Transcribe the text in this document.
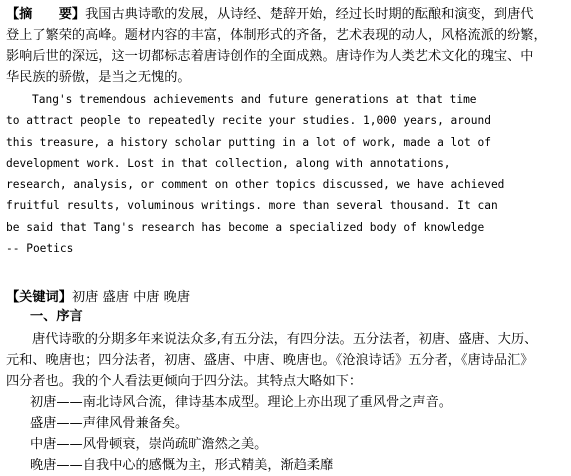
【摘　　要】我国古典诗歌的发展，从诗经、楚辞开始，经过长时期的酝酿和演变，到唐代
登上了繁荣的高峰。题材内容的丰富，体制形式的齐备，艺术表现的动人，风格流派的纷繁，
影响后世的深远，这一切都标志着唐诗创作的全面成熟。唐诗作为人类艺术文化的瑰宝、中
华民族的骄傲，是当之无愧的。
Tang's tremendous achievements and future generations at that time
to attract people to repeatedly recite your studies. 1,000 years, around
this treasure, a history scholar putting in a lot of work, made a lot of
development work. Lost in that collection, along with annotations,
research, analysis, or comment on other topics discussed, we have achieved
fruitful results, voluminous writings. more than several thousand. It can
be said that Tang's research has become a specialized body of knowledge
-- Poetics
【关键词】初唐 盛唐 中唐 晚唐
一、序言
唐代诗歌的分期多年来说法众多,有五分法，有四分法。五分法者，初唐、盛唐、大历、
元和、晚唐也；四分法者，初唐、盛唐、中唐、晚唐也。《沧浪诗话》五分者，《唐诗品汇》
四分者也。我的个人看法更倾向于四分法。其特点大略如下：
初唐——南北诗风合流，律诗基本成型。理论上亦出现了重风骨之声音。
盛唐——声律风骨兼备矣。
中唐——风骨顿衰，崇尚疏旷澹然之美。
晚唐——自我中心的感慨为主，形式精美，渐趋柔靡
